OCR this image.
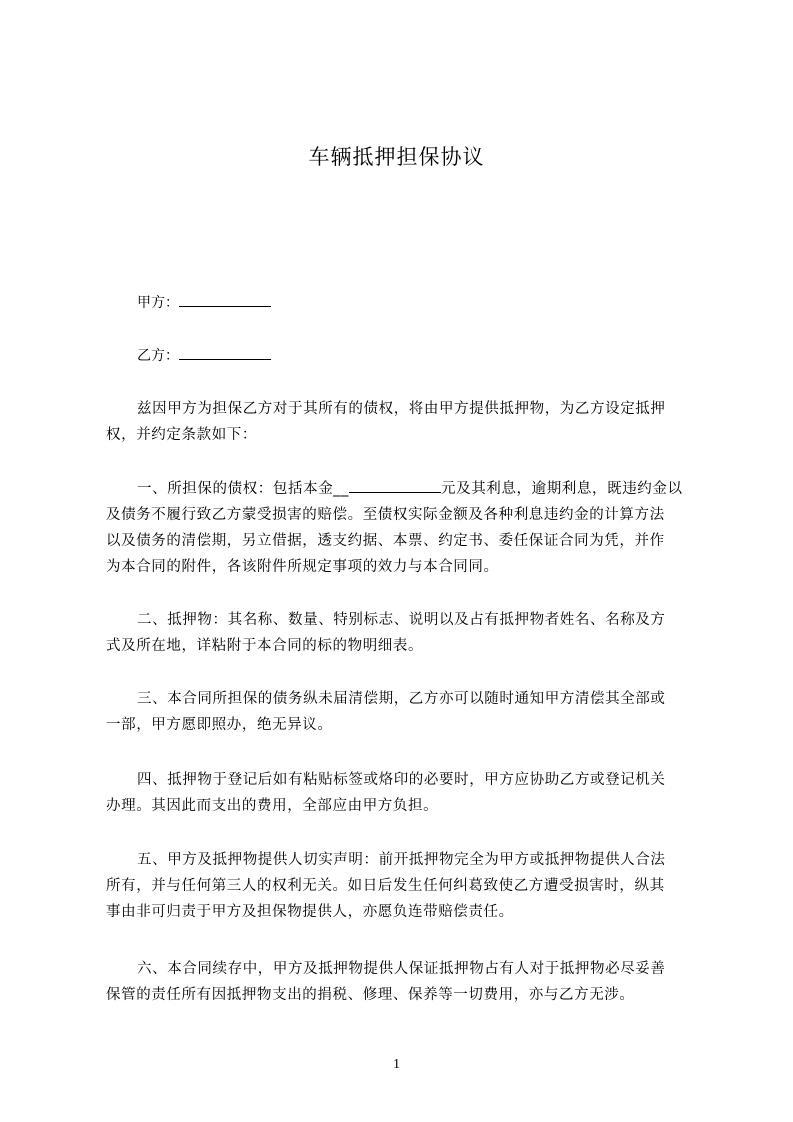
车辆抵押担保协议
甲方：
乙方：
兹因甲方为担保乙方对于其所有的债权，将由甲方提供抵押物，为乙方设定抵押
权，并约定条款如下：
一、所担保的债权：包括本金__	元及其利息，逾期利息，既违约金以
及债务不履行致乙方蒙受损害的赔偿。至债权实际金额及各种利息违约金的计算方法
以及债务的清偿期，另立借据，透支约据、本票、约定书、委任保证合同为凭，并作
为本合同的附件，各该附件所规定事项的效力与本合同同。
二、抵押物：其名称、数量、特别标志、说明以及占有抵押物者姓名、名称及方
式及所在地，详粘附于本合同的标的物明细表。
三、本合同所担保的债务纵未届清偿期，乙方亦可以随时通知甲方清偿其全部或
一部，甲方愿即照办，绝无异议。
四、抵押物于登记后如有粘贴标签或烙印的必要时，甲方应协助乙方或登记机关
办理。其因此而支出的费用，全部应由甲方负担。
五、甲方及抵押物提供人切实声明：前开抵押物完全为甲方或抵押物提供人合法
所有，并与任何第三人的权利无关。如日后发生任何纠葛致使乙方遭受损害时，纵其
事由非可归责于甲方及担保物提供人，亦愿负连带赔偿责任。
六、本合同续存中，甲方及抵押物提供人保证抵押物占有人对于抵押物必尽妥善
保管的责任所有因抵押物支出的捐税、修理、保养等一切费用，亦与乙方无涉。
1
